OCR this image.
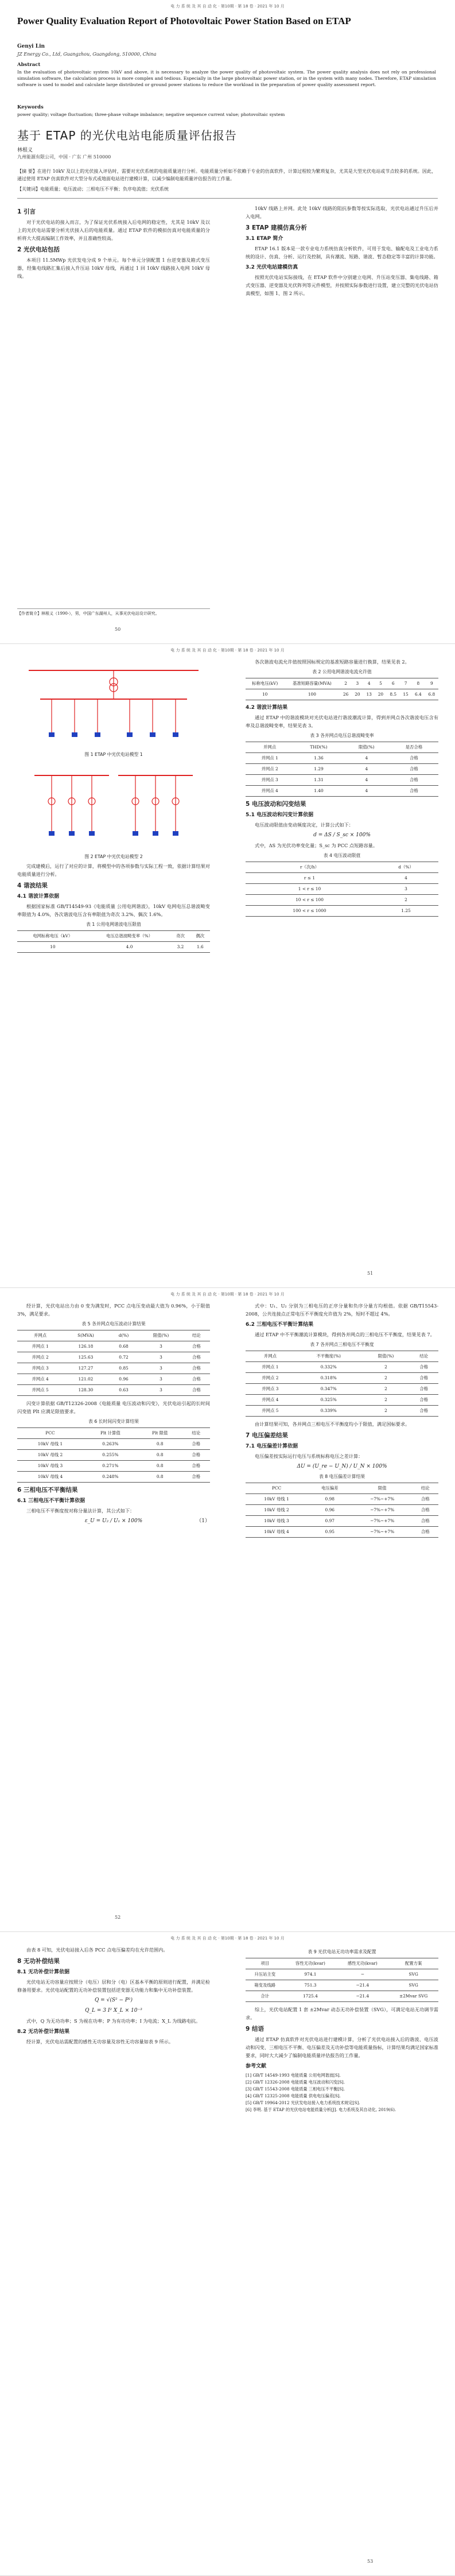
电 力 系 统 及 其 自 动 化 · 第10期 · 第 18 卷 · 2021 年 10 月
Power Quality Evaluation Report of Photovoltaic Power Station Based on ETAP
Genyi Lin
JZ Energy Co., Ltd, Guangzhou, Guangdong, 510000, China
Abstract
In the evaluation of photovoltaic system 10kV and above, it is necessary to analyze the power quality of photovoltaic system. The power quality analysis does not rely on professional simulation software, the calculation process is more complex and tedious. Especially in the large photovoltaic power station, or in the system with many nodes. Therefore, ETAP simulation software is used to model and calculate large distributed or ground power stations to reduce the workload in the preparation of power quality assessment report.
Keywords
power quality; voltage fluctuation; three-phase voltage imbalance; negative sequence current value; photovoltaic system
基于 ETAP 的光伏电站电能质量评估报告
林根义
九州能源有限公司，中国 · 广东 广州 510000
【摘 要】在进行 10kV 及以上的光伏接入评估时，需要对光伏系统的电能质量进行分析。电能质量分析如不依赖于专业的仿真软件，计算过程较为繁琐复杂，尤其是大型光伏电站或节点较多的系统。因此，通过使用 ETAP 仿真软件对大型分布式或地面电站进行建模计算，以减少编制电能质量评估报告的工作量。
【关键词】电能质量；电压波动；三相电压不平衡；负序电流值；光伏系统
1 引言

对于光伏电站的接入而言，为了保证光伏系统接入后电网的稳定性，尤其是 10kV 及以上的光伏电站需要分析光伏接入后的电能质量。通过 ETAP 软件的模拟仿真对电能质量的分析将大大提高编制工作效率，并且准确性较高。

2 光伏电站包括

本项目 11.5MWp 光伏发电分成 9 个单元。每个单元分别配置 1 台逆变器及箱式变压器，经集电线路汇集后接入升压站 10kV 母线，再通过 1 回 10kV 线路接入电网 10kV 母线。

10kV 线路上并网。此处 10kV 线路的阻抗参数等按实际选取，光伏电站通过升压后并入电网。

3 ETAP 建模仿真分析
3.1 ETAP 简介

ETAP 16.1 版本是一款专业电力系统仿真分析软件，可用于发电、输配电及工业电力系统的设计、仿真、分析、运行及控制，具有潮流、短路、谐波、暂态稳定等丰富的计算功能。

3.2 光伏电站建模仿真

按照光伏电站实际接线，在 ETAP 软件中分别建立电网、升压站变压器、集电线路、箱式变压器、逆变器及光伏阵列等元件模型，并按照实际参数进行设置，建立完整的光伏电站仿真模型，如图 1、图 2 所示。

【作者简介】林根义（1990-），男，中国广东湖州人，从事光伏电站设计研究。
50
电 力 系 统 及 其 自 动 化 · 第10期 · 第 18 卷 · 2021 年 10 月
图 1 ETAP 中光伏电站模型 1
图 2 ETAP 中光伏电站模型 2

完成建模后，运行了对应的计算，将模型中的各项参数与实际工程一致，依据计算结果对电能质量进行分析。

4 谐波结果
4.1 谐波计算依据

根据国家标准 GB/T14549-93《电能质量 公用电网谐波》，10kV 电网电压总谐波畸变率限值为 4.0%，各次谐波电压含有率限值为奇次 3.2%、偶次 1.6%。

表 1 公用电网谐波电压限值
电网标称电压（kV）	电压总谐波畸变率（%）	奇次	偶次
10	4.0	3.2	1.6

各次谐波电流允许值按照国标规定的基准短路容量进行换算，结果见表 2。

表 2 公用电网谐波电流允许值
标称电压(kV)	基准短路容量(MVA)	2	3	4	5	6	7	8	9
10	100	26	20	13	20	8.5	15	6.4	6.8
4.2 谐波计算结果

通过 ETAP 中的谐波模块对光伏电站进行谐波潮流计算，得到并网点各次谐波电压含有率及总谐波畸变率，结果见表 3。

表 3 各并网点电压总谐波畸变率
并网点	THD(%)	限值(%)	是否合格
并网点 1	1.36	4	合格
并网点 2	1.29	4	合格
并网点 3	1.31	4	合格
并网点 4	1.40	4	合格
5 电压波动和闪变结果
5.1 电压波动和闪变计算依据

电压波动限值由变动频度决定，计算公式如下：

d = ΔS / S_sc × 100%

式中，ΔS 为光伏功率变化量；S_sc 为 PCC 点短路容量。

表 4 电压波动限值
r（次/h）	d（%）
r ≤ 1	4
1 < r ≤ 10	3
10 < r ≤ 100	2
100 < r ≤ 1000	1.25
51
电 力 系 统 及 其 自 动 化 · 第10期 · 第 18 卷 · 2021 年 10 月

经计算，光伏电站出力由 0 变为满发时，PCC 点电压变动最大值为 0.96%，小于限值 3%，满足要求。

表 5 各并网点电压波动计算结果
并网点	S(MVA)	d(%)	限值(%)	结论
并网点 1	126.18	0.68	3	合格
并网点 2	125.63	0.72	3	合格
并网点 3	127.27	0.85	3	合格
并网点 4	121.02	0.96	3	合格
并网点 5	128.30	0.63	3	合格

闪变计算依据 GB/T12326-2008《电能质量 电压波动和闪变》，光伏电站引起的长时间闪变值 Plt 应满足限值要求。

表 6 长时间闪变计算结果
PCC	Plt 计算值	Plt 限值	结论
10kV 母线 1	0.263%	0.8	合格
10kV 母线 2	0.255%	0.8	合格
10kV 母线 3	0.271%	0.8	合格
10kV 母线 4	0.248%	0.8	合格
6 三相电压不平衡结果
6.1 三相电压不平衡计算依据

三相电压不平衡度按对称分量法计算，其公式如下：

ε_U = U₂ / U₁ × 100%	（1）

式中：U₁、U₂ 分别为三相电压的正序分量和负序分量方均根值。依据 GB/T15543-2008，公共连接点正常电压不平衡度允许值为 2%，短时不超过 4%。

6.2 三相电压不平衡计算结果

通过 ETAP 中不平衡潮流计算模块，得到各并网点的三相电压不平衡度，结果见表 7。

表 7 各并网点三相电压不平衡度
并网点	不平衡度(%)	限值(%)	结论
并网点 1	0.332%	2	合格
并网点 2	0.318%	2	合格
并网点 3	0.347%	2	合格
并网点 4	0.325%	2	合格
并网点 5	0.339%	2	合格

由计算结果可知，各并网点三相电压不平衡度均小于限值，满足国标要求。

7 电压偏差结果
7.1 电压偏差计算依据

电压偏差按实际运行电压与系统标称电压之差计算：

ΔU = (U_re − U_N) / U_N × 100%
表 8 电压偏差计算结果
PCC	电压偏差	限值	结论
10kV 母线 1	0.98	−7%~+7%	合格
10kV 母线 2	0.96	−7%~+7%	合格
10kV 母线 3	0.97	−7%~+7%	合格
10kV 母线 4	0.95	−7%~+7%	合格
52
电 力 系 统 及 其 自 动 化 · 第10期 · 第 18 卷 · 2021 年 10 月

由表 8 可知，光伏电站接入后各 PCC 点电压偏差均在允许范围内。

8 无功补偿结果
8.1 无功补偿计算依据

光伏电站无功容量应按照分（电压）层和分（电）区基本平衡的原则进行配置，并满足检修备用要求。光伏电站配置的无功补偿装置包括逆变器无功能力和集中无功补偿装置。

Q = √(S² − P²)
Q_L = 3 I² X_L × 10⁻³

式中，Q 为无功功率；S 为视在功率；P 为有功功率；I 为电流；X_L 为线路电抗。

8.2 无功补偿计算结果

经计算，光伏电站需配置的感性无功容量及容性无功容量如表 9 所示。

表 9 光伏电站无功功率需求及配置
项目	容性无功(kvar)	感性无功(kvar)	配置方案
升压站主变	974.1	−	SVG
箱变及线路	751.3	−21.4	SVG
合计	1725.4	−21.4	±2Mvar SVG

综上，光伏电站配置 1 套 ±2Mvar 动态无功补偿装置（SVG），可满足电站无功调节需求。

9 结语

通过 ETAP 仿真软件对光伏电站进行建模计算，分析了光伏电站接入后的谐波、电压波动和闪变、三相电压不平衡、电压偏差及无功补偿等电能质量指标，计算结果均满足国家标准要求，同时大大减少了编制电能质量评估报告的工作量。

参考文献

[1] GB/T 14549-1993 电能质量 公用电网谐波[S].

[2] GB/T 12326-2008 电能质量 电压波动和闪变[S].

[3] GB/T 15543-2008 电能质量 三相电压不平衡[S].

[4] GB/T 12325-2008 电能质量 供电电压偏差[S].

[5] GB/T 19964-2012 光伏发电站接入电力系统技术规定[S].

[6] 李明. 基于 ETAP 的光伏电站电能质量分析[J]. 电力系统及其自动化, 2019(6).

53
